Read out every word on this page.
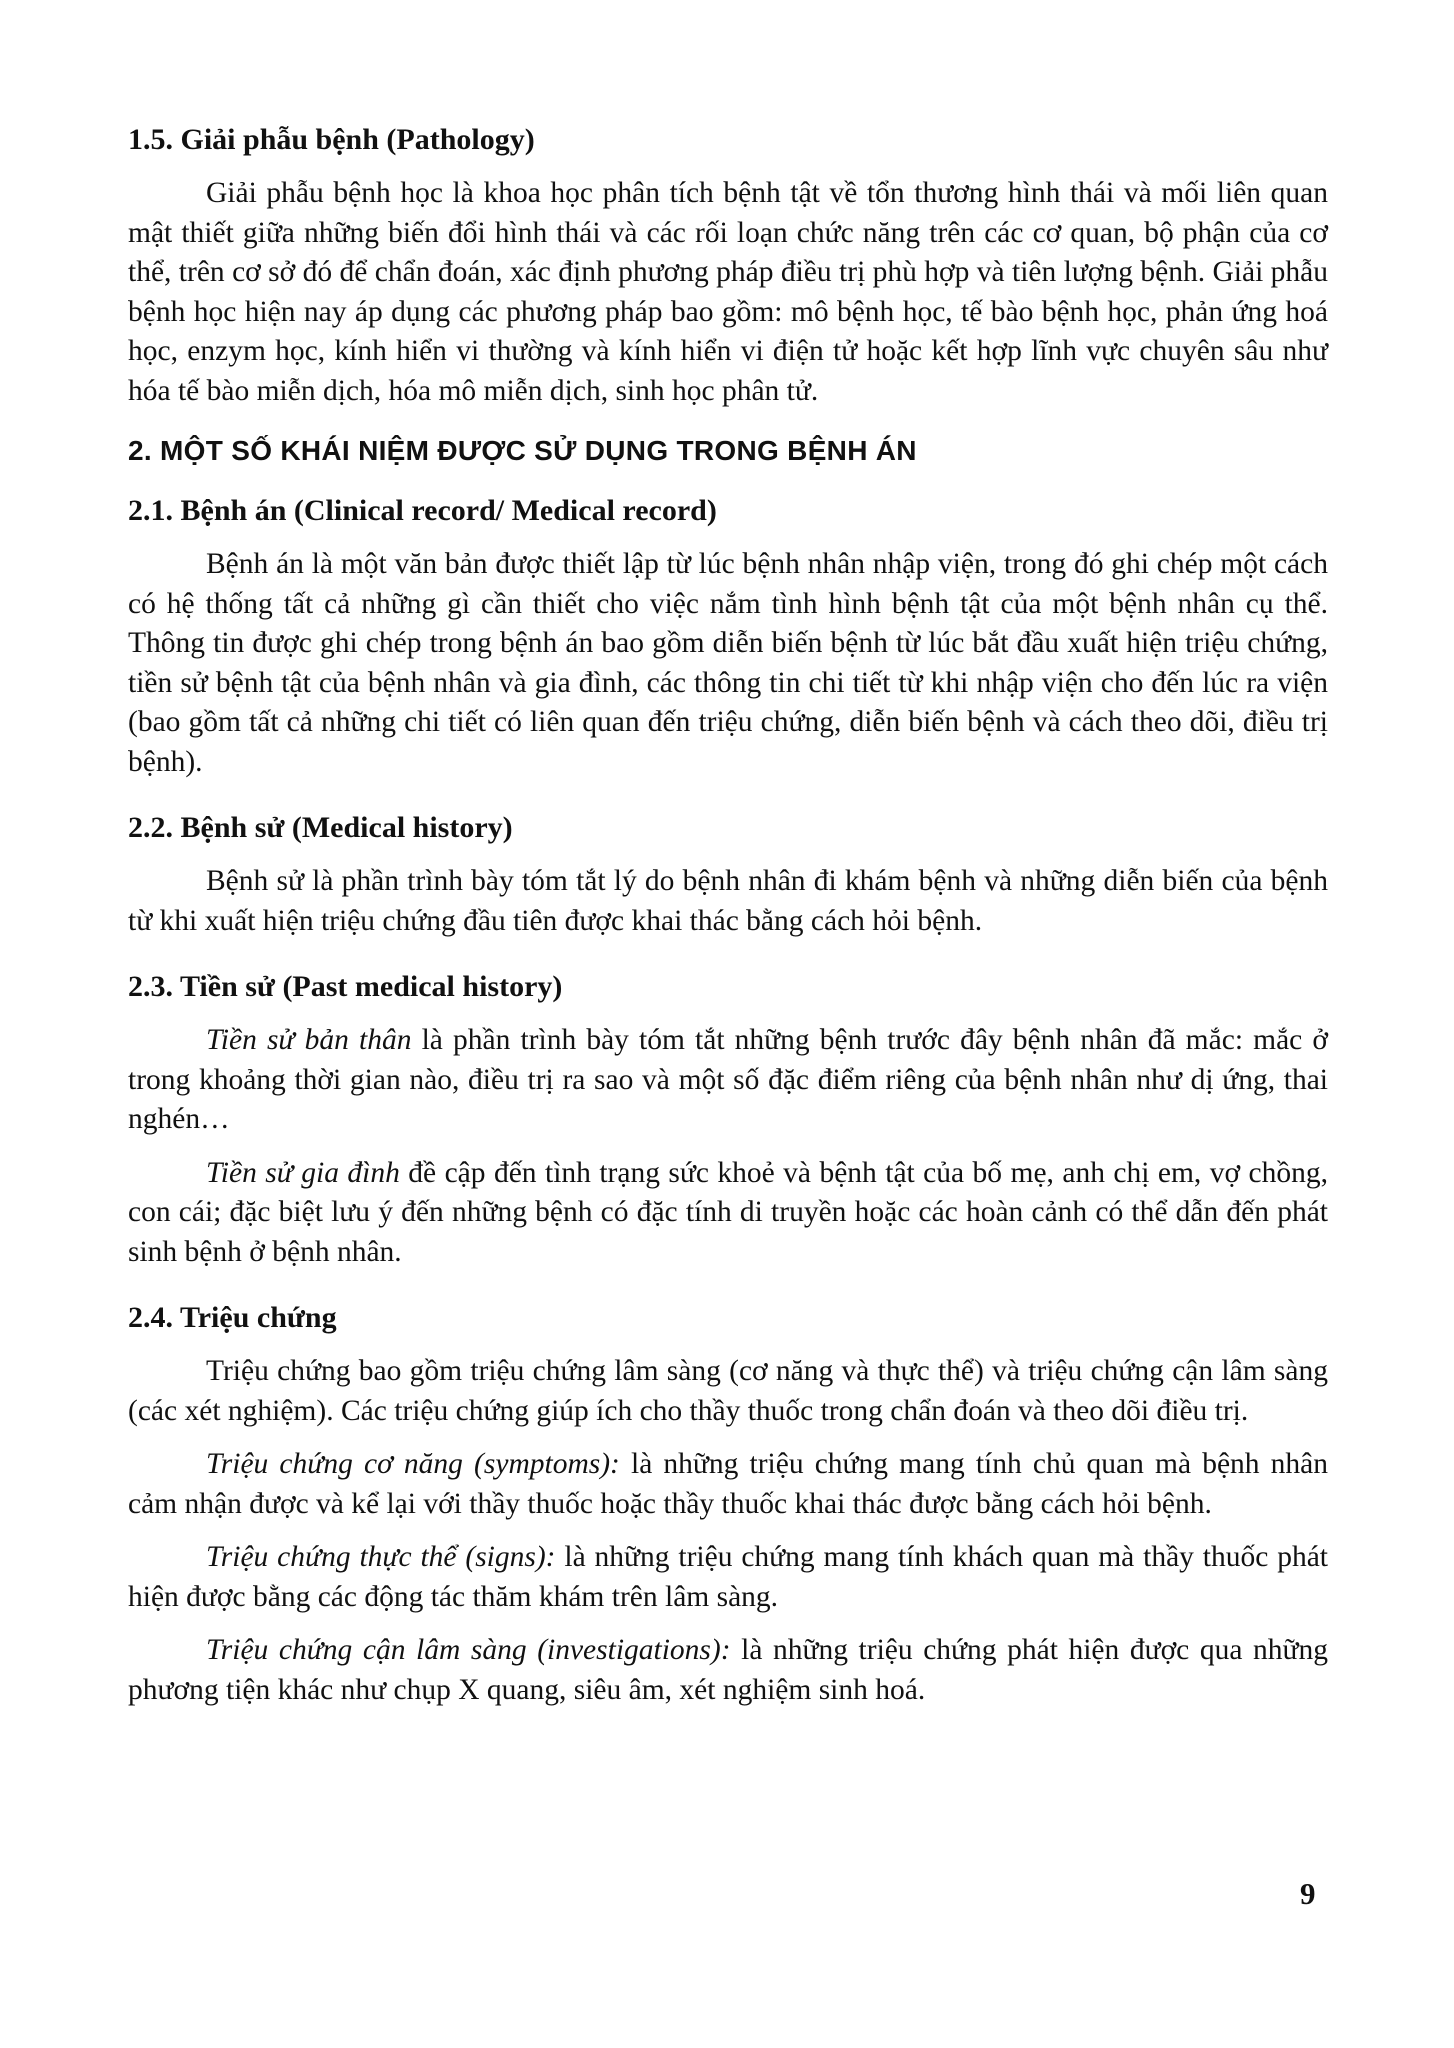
1.5. Giải phẫu bệnh (Pathology)

Giải phẫu bệnh học là khoa học phân tích bệnh tật về tổn thương hình thái và mối liên quan mật thiết giữa những biến đổi hình thái và các rối loạn chức năng trên các cơ quan, bộ phận của cơ thể, trên cơ sở đó để chẩn đoán, xác định phương pháp điều trị phù hợp và tiên lượng bệnh. Giải phẫu bệnh học hiện nay áp dụng các phương pháp bao gồm: mô bệnh học, tế bào bệnh học, phản ứng hoá học, enzym học, kính hiển vi thường và kính hiển vi điện tử hoặc kết hợp lĩnh vực chuyên sâu như hóa tế bào miễn dịch, hóa mô miễn dịch, sinh học phân tử.

2. MỘT SỐ KHÁI NIỆM ĐƯỢC SỬ DỤNG TRONG BỆNH ÁN
2.1. Bệnh án (Clinical record/ Medical record)

Bệnh án là một văn bản được thiết lập từ lúc bệnh nhân nhập viện, trong đó ghi chép một cách có hệ thống tất cả những gì cần thiết cho việc nắm tình hình bệnh tật của một bệnh nhân cụ thể. Thông tin được ghi chép trong bệnh án bao gồm diễn biến bệnh từ lúc bắt đầu xuất hiện triệu chứng, tiền sử bệnh tật của bệnh nhân và gia đình, các thông tin chi tiết từ khi nhập viện cho đến lúc ra viện (bao gồm tất cả những chi tiết có liên quan đến triệu chứng, diễn biến bệnh và cách theo dõi, điều trị bệnh).

2.2. Bệnh sử (Medical history)

Bệnh sử là phần trình bày tóm tắt lý do bệnh nhân đi khám bệnh và những diễn biến của bệnh từ khi xuất hiện triệu chứng đầu tiên được khai thác bằng cách hỏi bệnh.

2.3. Tiền sử (Past medical history)

Tiền sử bản thân là phần trình bày tóm tắt những bệnh trước đây bệnh nhân đã mắc: mắc ở trong khoảng thời gian nào, điều trị ra sao và một số đặc điểm riêng của bệnh nhân như dị ứng, thai nghén…

Tiền sử gia đình đề cập đến tình trạng sức khoẻ và bệnh tật của bố mẹ, anh chị em, vợ chồng, con cái; đặc biệt lưu ý đến những bệnh có đặc tính di truyền hoặc các hoàn cảnh có thể dẫn đến phát sinh bệnh ở bệnh nhân.

2.4. Triệu chứng

Triệu chứng bao gồm triệu chứng lâm sàng (cơ năng và thực thể) và triệu chứng cận lâm sàng (các xét nghiệm). Các triệu chứng giúp ích cho thầy thuốc trong chẩn đoán và theo dõi điều trị.

Triệu chứng cơ năng (symptoms): là những triệu chứng mang tính chủ quan mà bệnh nhân cảm nhận được và kể lại với thầy thuốc hoặc thầy thuốc khai thác được bằng cách hỏi bệnh.

Triệu chứng thực thể (signs): là những triệu chứng mang tính khách quan mà thầy thuốc phát hiện được bằng các động tác thăm khám trên lâm sàng.

Triệu chứng cận lâm sàng (investigations): là những triệu chứng phát hiện được qua những phương tiện khác như chụp X quang, siêu âm, xét nghiệm sinh hoá.

9
